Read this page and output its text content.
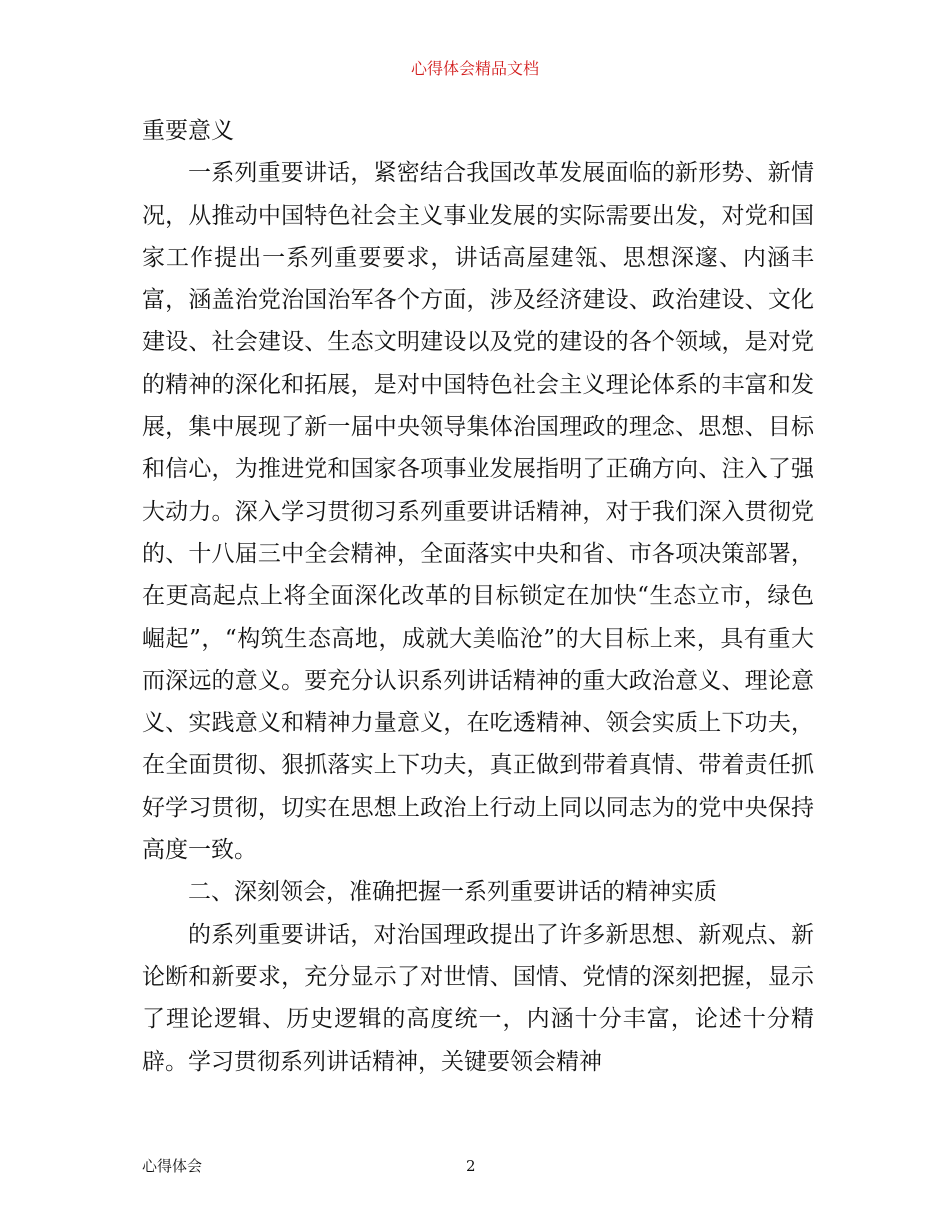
心得体会精品文档

重要意义

一系列重要讲话，紧密结合我国改革发展面临的新形势、新情况，从推动中国特色社会主义事业发展的实际需要出发，对党和国家工作提出一系列重要要求，讲话高屋建瓴、思想深邃、内涵丰富，涵盖治党治国治军各个方面，涉及经济建设、政治建设、文化建设、社会建设、生态文明建设以及党的建设的各个领域，是对党的精神的深化和拓展，是对中国特色社会主义理论体系的丰富和发展，集中展现了新一届中央领导集体治国理政的理念、思想、目标和信心，为推进党和国家各项事业发展指明了正确方向、注入了强大动力。深入学习贯彻习系列重要讲话精神，对于我们深入贯彻党的、十八届三中全会精神，全面落实中央和省、市各项决策部署，在更高起点上将全面深化改革的目标锁定在加快“生态立市，绿色崛起”，“构筑生态高地，成就大美临沧”的大目标上来，具有重大而深远的意义。要充分认识系列讲话精神的重大政治意义、理论意义、实践意义和精神力量意义，在吃透精神、领会实质上下功夫，在全面贯彻、狠抓落实上下功夫，真正做到带着真情、带着责任抓好学习贯彻，切实在思想上政治上行动上同以同志为的党中央保持高度一致。

二、深刻领会，准确把握一系列重要讲话的精神实质

的系列重要讲话，对治国理政提出了许多新思想、新观点、新论断和新要求，充分显示了对世情、国情、党情的深刻把握，显示了理论逻辑、历史逻辑的高度统一，内涵十分丰富，论述十分精辟。学习贯彻系列讲话精神，关键要领会精神

心得体会	2
